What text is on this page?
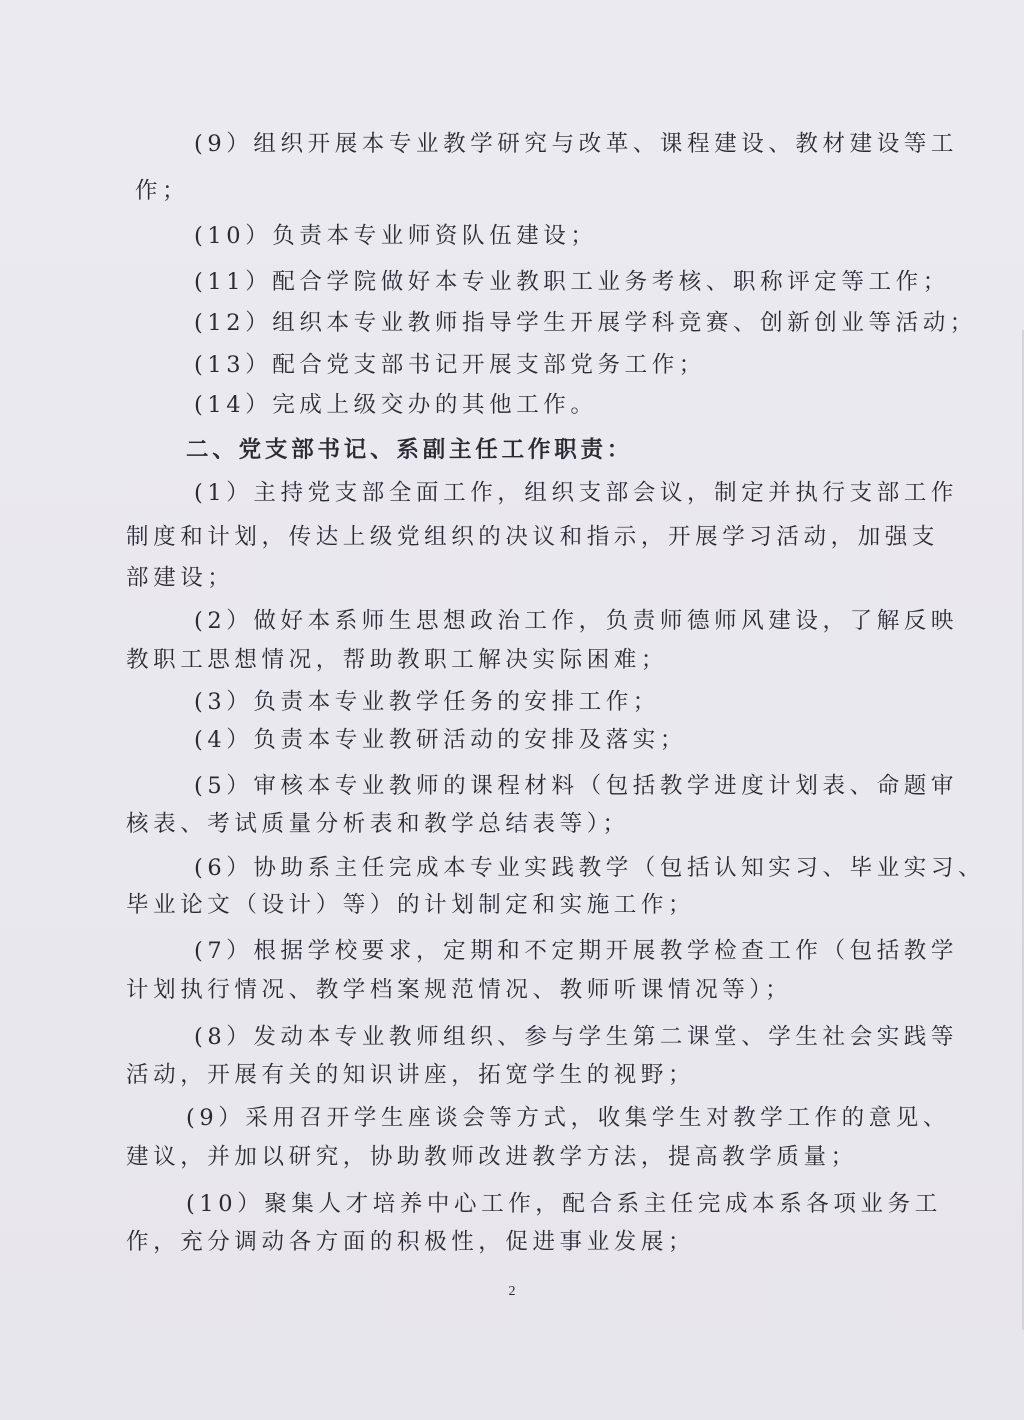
(9）组织开展本专业教学研究与改革、课程建设、教材建设等工
作；
(10）负责本专业师资队伍建设；
(11）配合学院做好本专业教职工业务考核、职称评定等工作；
(12）组织本专业教师指导学生开展学科竞赛、创新创业等活动；
(13）配合党支部书记开展支部党务工作；
(14）完成上级交办的其他工作。
二、党支部书记、系副主任工作职责：
(1）主持党支部全面工作，组织支部会议，制定并执行支部工作
制度和计划，传达上级党组织的决议和指示，开展学习活动，加强支
部建设；
(2）做好本系师生思想政治工作，负责师德师风建设，了解反映
教职工思想情况，帮助教职工解决实际困难；
(3）负责本专业教学任务的安排工作；
(4）负责本专业教研活动的安排及落实；
(5）审核本专业教师的课程材料（包括教学进度计划表、命题审
核表、考试质量分析表和教学总结表等）；
(6）协助系主任完成本专业实践教学（包括认知实习、毕业实习、
毕业论文（设计）等）的计划制定和实施工作；
(7）根据学校要求，定期和不定期开展教学检查工作（包括教学
计划执行情况、教学档案规范情况、教师听课情况等）；
(8）发动本专业教师组织、参与学生第二课堂、学生社会实践等
活动，开展有关的知识讲座，拓宽学生的视野；
(9）采用召开学生座谈会等方式，收集学生对教学工作的意见、
建议，并加以研究，协助教师改进教学方法，提高教学质量；
(10）聚集人才培养中心工作，配合系主任完成本系各项业务工
作，充分调动各方面的积极性，促进事业发展；
2
